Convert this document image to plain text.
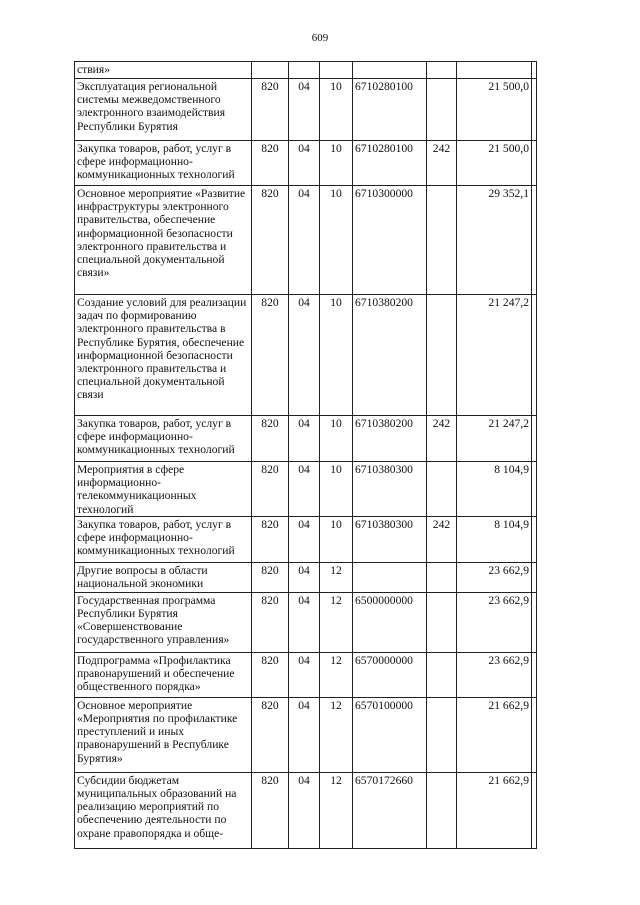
609
ствия»							
Эксплуатация региональной системы межведомственного электронного взаимодействия Республики Бурятия	820	04	10	6710280100		21 500,0	
Закупка товаров, работ, услуг в сфере информационно-коммуникационных технологий	820	04	10	6710280100	242	21 500,0	
Основное мероприятие «Развитие инфраструктуры электронного правительства, обеспечение информационной безопасности электронного правительства и специальной документальной связи»	820	04	10	6710300000		29 352,1	
Создание условий для реализации задач по формированию электронного правительства в Республике Бурятия, обеспечение информационной безопасности электронного правительства и специальной документальной связи	820	04	10	6710380200		21 247,2	
Закупка товаров, работ, услуг в сфере информационно-коммуникационных технологий	820	04	10	6710380200	242	21 247,2	
Мероприятия в сфере информационно-телекоммуникационных технологий	820	04	10	6710380300		8 104,9	
Закупка товаров, работ, услуг в сфере информационно-коммуникационных технологий	820	04	10	6710380300	242	8 104,9	
Другие вопросы в области национальной экономики	820	04	12			23 662,9	
Государственная программа Республики Бурятия «Совершенствование государственного управления»	820	04	12	6500000000		23 662,9	
Подпрограмма «Профилактика правонарушений и обеспечение общественного порядка»	820	04	12	6570000000		23 662,9	
Основное мероприятие «Мероприятия по профилактике преступлений и иных правонарушений в Республике Бурятия»	820	04	12	6570100000		21 662,9	
Субсидии бюджетам муниципальных образований на реализацию мероприятий по обеспечению деятельности по охране правопорядка и обще-	820	04	12	6570172660		21 662,9	
